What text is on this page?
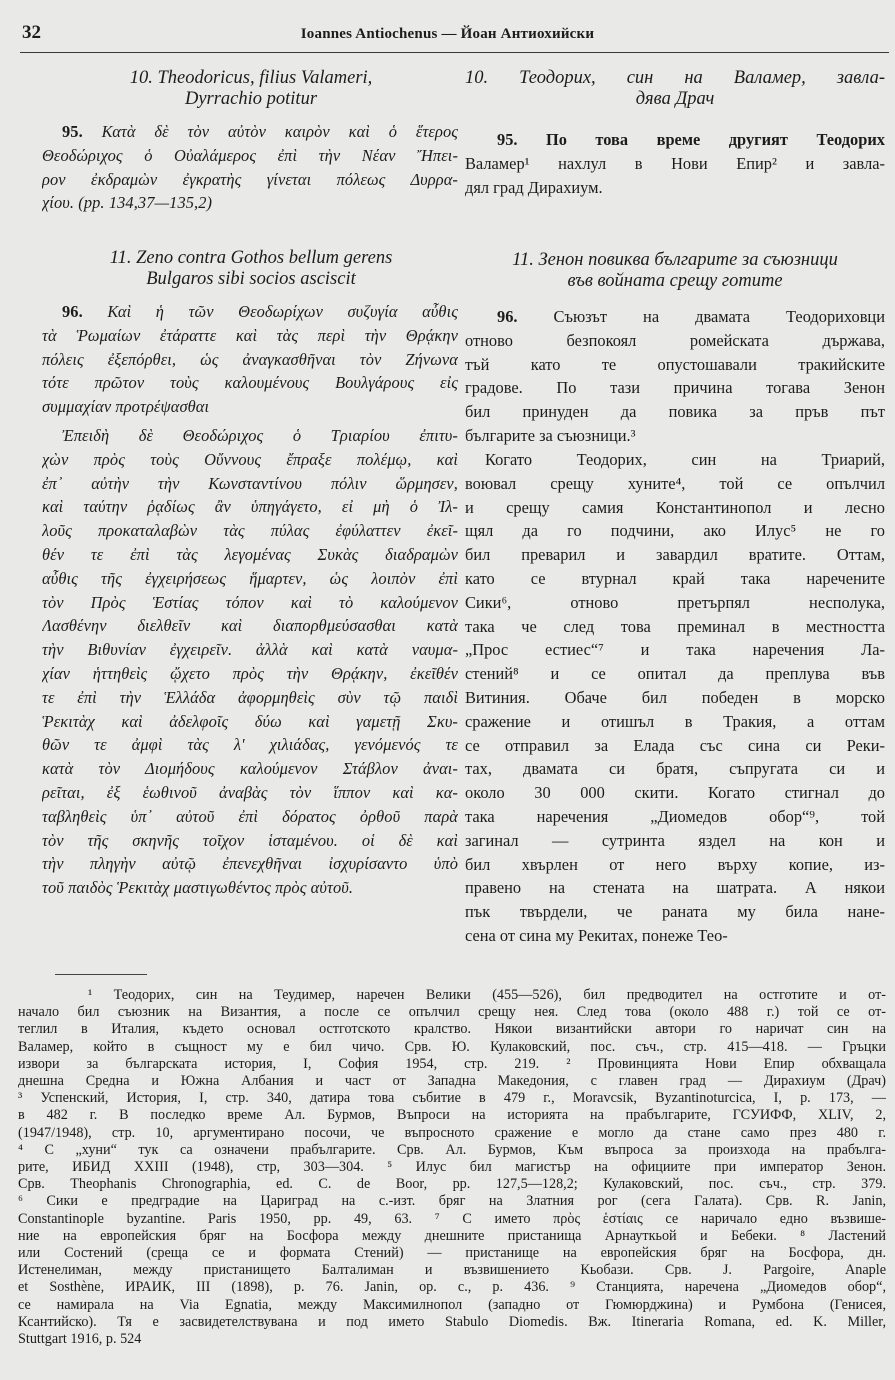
32	Ioannes Antiochenus — Йоан Антиохийски
10. Theodoricus, filius Valameri,
Dyrrachio potitur
95. Κατὰ δὲ τὸν αὐτὸν καιρὸν καὶ ὁ ἕτερος
Θεοδώριχος ὁ Οὐαλάμερος ἐπὶ τὴν Νέαν Ἤπει-
ρον ἐκδραμὼν ἐγκρατὴς γίνεται πόλεως Δυρρα-
χίου. (pp. 134,37—135,2)
11. Zeno contra Gothos bellum gerens
Bulgaros sibi socios asciscit
96. Καὶ ἡ τῶν Θεοδωρίχων συζυγία αὖθις
τὰ Ῥωμαίων ἐτάραττε καὶ τὰς περὶ τὴν Θρᾴκην
πόλεις ἐξεπόρθει, ὡς ἀναγκασθῆναι τὸν Ζήνωνα
τότε πρῶτον τοὺς καλουμένους Βουλγάρους εἰς
συμμαχίαν προτρέψασθαι
Ἐπειδὴ δὲ Θεοδώριχος ὁ Τριαρίου ἐπιτυ-
χὼν πρὸς τοὺς Οὔννους ἔπραξε πολέμῳ, καὶ
ἐπ᾽ αὐτὴν τὴν Κωνσταντίνου πόλιν ὥρμησεν,
καὶ ταύτην ῥᾳδίως ἂν ὑπηγάγετο, εἰ μὴ ὁ Ἰλ-
λοῦς προκαταλαβὼν τὰς πύλας ἐφύλαττεν ἐκεῖ-
θέν τε ἐπὶ τὰς λεγομένας Συκὰς διαδραμὼν
αὖθις τῆς ἐγχειρήσεως ἥμαρτεν, ὡς λοιπὸν ἐπὶ
τὸν Πρὸς Ἑστίας τόπον καὶ τὸ καλούμενον
Λασθένην διελθεῖν καὶ διαπορθμεύσασθαι κατὰ
τὴν Βιθυνίαν ἐγχειρεῖν. ἀλλὰ καὶ κατὰ ναυμα-
χίαν ἡττηθεὶς ᾤχετο πρὸς τὴν Θρᾴκην, ἐκεῖθέν
τε ἐπὶ τὴν Ἑλλάδα ἀφορμηθεὶς σὺν τῷ παιδὶ
Ῥεκιτὰχ καὶ ἀδελφοῖς δύω καὶ γαμετῇ Σκυ-
θῶν τε ἀμφὶ τὰς λ' χιλιάδας, γενόμενός τε
κατὰ τὸν Διομήδους καλούμενον Στάβλον ἀναι-
ρεῖται, ἐξ ἑωθινοῦ ἀναβὰς τὸν ἵππον καὶ κα-
ταβληθεὶς ὑπ᾽ αὐτοῦ ἐπὶ δόρατος ὀρθοῦ παρὰ
τὸν τῆς σκηνῆς τοῖχον ἱσταμένου. οἱ δὲ καὶ
τὴν πληγὴν αὐτῷ ἐπενεχθῆναι ἰσχυρίσαντο ὑπὸ
τοῦ παιδὸς Ῥεκιτὰχ μαστιγωθέντος πρὸς αὐτοῦ.
10. Теодорих, син на Валамер, завла-
дява Драч
95. По това време другият Теодорих
Валамер¹ нахлул в Нови Епир² и завла-
дял град Дирахиум.
11. Зенон повиква българите за съюзници
във войната срещу готите
96. Съюзът на двамата Теодориховци
отново безпокоял ромейската държава,
тъй като те опустошавали тракийските
градове. По тази причина тогава Зенон
бил принуден да повика за пръв път
българите за съюзници.³
Когато Теодорих, син на Триарий,
воювал срещу хуните⁴, той се опълчил
и срещу самия Константинопол и лесно
щял да го подчини, ако Илус⁵ не го
бил преварил и завардил вратите. Оттам,
като се втурнал край така наречените
Сики⁶, отново претърпял несполука,
така че след това преминал в местността
„Прос естиес“⁷ и така наречения Ла-
стений⁸ и се опитал да преплува във
Витиния. Обаче бил победен в морско
сражение и отишъл в Тракия, а оттам
се отправил за Елада със сина си Реки-
тах, двамата си братя, съпругата си и
около 30 000 скити. Когато стигнал до
така наречения „Диомедов обор“⁹, той
загинал — сутринта яздел на кон и
бил хвърлен от него върху копие, из-
правено на стената на шатрата. А някои
пък твърдели, че раната му била нане-
сена от сина му Рекитах, понеже Тео-
¹ Теодорих, син на Теудимер, наречен Велики (455—526), бил предводител на остготите и от-
начало бил съюзник на Византия, а после се опълчил срещу нея. След това (около 488 г.) той се от-
теглил в Италия, където основал остготското кралство. Някои византийски автори го наричат син на
Валамер, който в същност му е бил чичо. Срв. Ю. Кулаковский, пос. съч., стр. 415—418. — Гръцки
извори за българската история, I, София 1954, стр. 219. ² Провинцията Нови Епир обхващала
днешна Средна и Южна Албания и част от Западна Македония, с главен град — Дирахиум (Драч)
³ Успенский, История, I, стр. 340, датира това събитие в 479 г., Moravcsik, Byzantinoturcica, I, p. 173, —
в 482 г. В последко време Ал. Бурмов, Въпроси на историята на прабългарите, ГСУИФФ, XLIV, 2,
(1947/1948), стр. 10, аргументирано посочи, че въпросното сражение е могло да стане само през 480 г.
⁴ С „хуни“ тук са означени прабългарите. Срв. Ал. Бурмов, Към въпроса за произхода на прабълга-
рите, ИБИД XXIII (1948), стр, 303—304. ⁵ Илус бил магистър на официите при император Зенон.
Срв. Theophanis Chronographia, ed. C. de Boor, pp. 127,5—128,2; Кулаковский, пос. съч., стр. 379.
⁶ Сики е предградие на Цариград на с.-изт. бряг на Златния рог (сега Галата). Срв. R. Janin,
Constantinople byzantine. Paris 1950, pp. 49, 63. ⁷ С името πρὸς ἑστίαις се наричало едно възвише-
ние на европейския бряг на Босфора между днешните пристанища Арнауткьой и Бебеки. ⁸ Ластений
или Состений (среща се и формата Стений) — пристанище на европейския бряг на Босфора, дн.
Истенелиман, между пристанището Балталиман и възвишението Кьобази. Срв. J. Pargoire, Anaple
et Sosthène, ИРАИК, III (1898), p. 76. Janin, op. c., p. 436. ⁹ Станцията, наречена „Диомедов обор“,
се намирала на Via Egnatia, между Максимилнопол (западно от Гюмюрджина) и Румбона (Генисея,
Ксантийско). Тя е засвидетелствувана и под името Stabulo Diomedis. Вж. Itineraria Romana, ed. K. Miller,
Stuttgart 1916, p. 524
